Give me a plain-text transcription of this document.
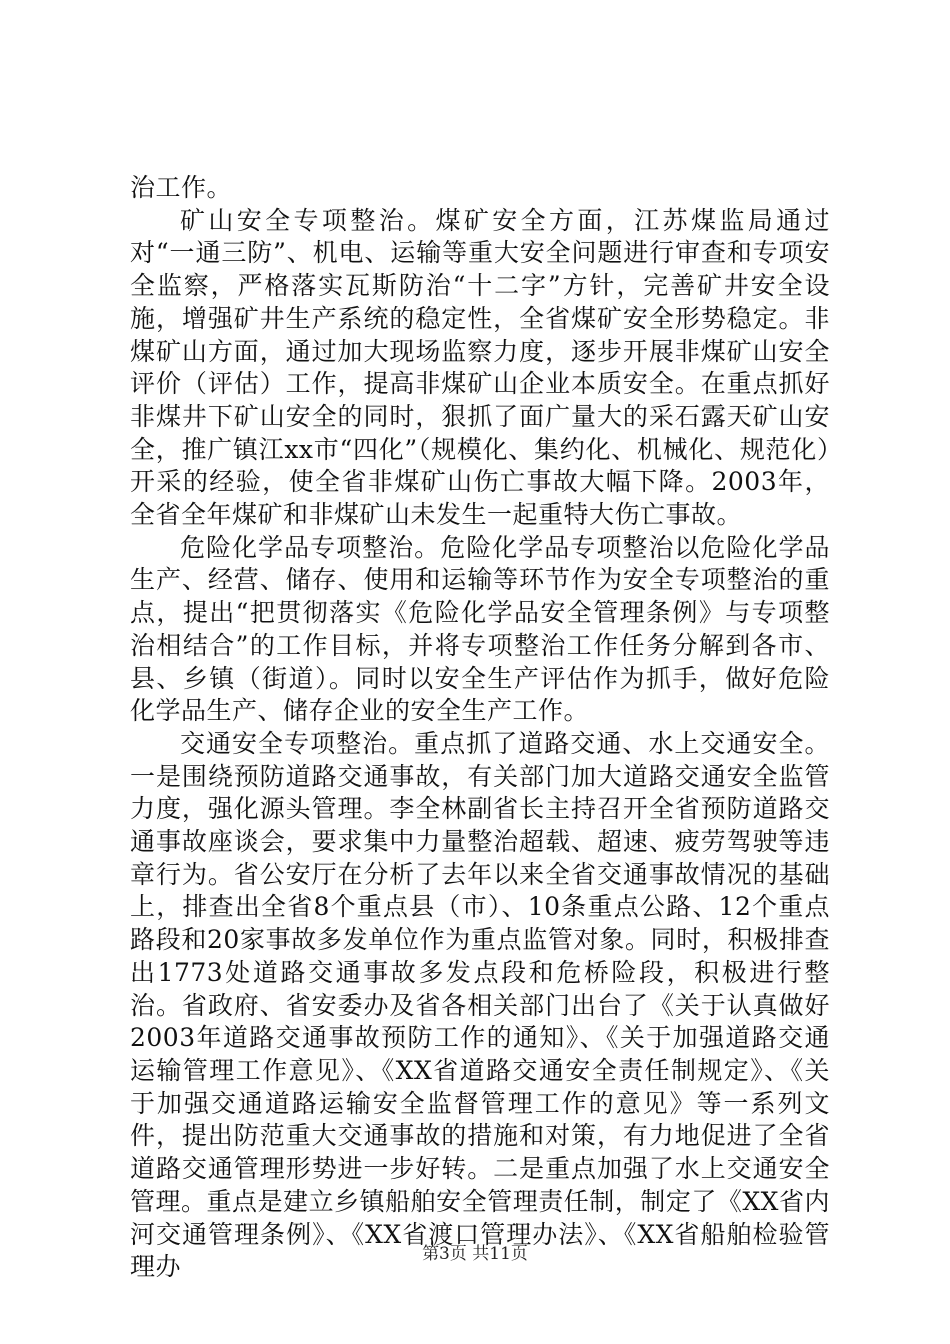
治工作。

矿山安全专项整治。煤矿安全方面，江苏煤监局通过对“一通三防”、机电、运输等重大安全问题进行审查和专项安全监察，严格落实瓦斯防治“十二字”方针，完善矿井安全设施，增强矿井生产系统的稳定性，全省煤矿安全形势稳定。非煤矿山方面，通过加大现场监察力度，逐步开展非煤矿山安全评价（评估）工作，提高非煤矿山企业本质安全。在重点抓好非煤井下矿山安全的同时，狠抓了面广量大的采石露天矿山安全，推广镇江xx市“四化”（规模化、集约化、机械化、规范化）开采的经验，使全省非煤矿山伤亡事故大幅下降。2003年，全省全年煤矿和非煤矿山未发生一起重特大伤亡事故。

危险化学品专项整治。危险化学品专项整治以危险化学品生产、经营、储存、使用和运输等环节作为安全专项整治的重点，提出“把贯彻落实《危险化学品安全管理条例》与专项整治相结合”的工作目标，并将专项整治工作任务分解到各市、县、乡镇（街道）。同时以安全生产评估作为抓手，做好危险化学品生产、储存企业的安全生产工作。

交通安全专项整治。重点抓了道路交通、水上交通安全。一是围绕预防道路交通事故，有关部门加大道路交通安全监管力度，强化源头管理。李全林副省长主持召开全省预防道路交通事故座谈会，要求集中力量整治超载、超速、疲劳驾驶等违章行为。省公安厅在分析了去年以来全省交通事故情况的基础上，排查出全省8个重点县（市）、10条重点公路、12个重点路段和20家事故多发单位作为重点监管对象。同时，积极排查出1773处道路交通事故多发点段和危桥险段，积极进行整治。省政府、省安委办及省各相关部门出台了《关于认真做好2003年道路交通事故预防工作的通知》、《关于加强道路交通运输管理工作意见》、《XX省道路交通安全责任制规定》、《关于加强交通道路运输安全监督管理工作的意见》等一系列文件，提出防范重大交通事故的措施和对策，有力地促进了全省道路交通管理形势进一步好转。二是重点加强了水上交通安全管理。重点是建立乡镇船舶安全管理责任制，制定了《XX省内河交通管理条例》、《XX省渡口管理办法》、《XX省船舶检验管理办	第3页 共11页
